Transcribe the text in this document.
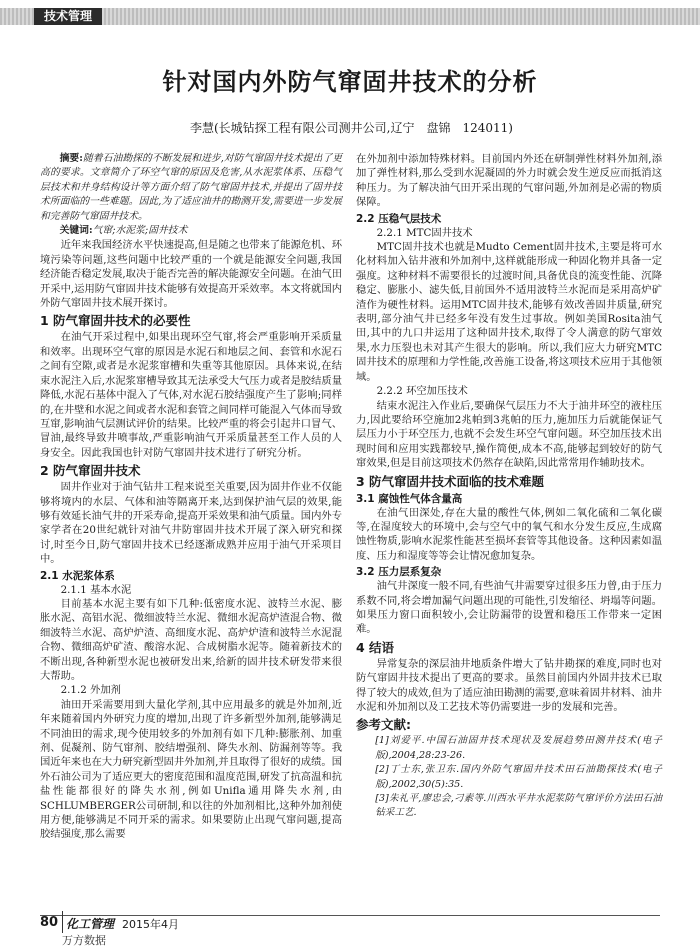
技术管理
针对国内外防气窜固井技术的分析
李慧(长城钻探工程有限公司测井公司,辽宁　盘锦　124011)

摘要:随着石油勘探的不断发展和进步,对防气窜固井技术提出了更高的要求。文章简介了环空气窜的原因及危害,从水泥浆体系、压稳气层技术和井身结构设计等方面介绍了防气窜固井技术,并提出了固井技术所面临的一些难题。因此,为了适应油井的勘测开发,需要进一步发展和完善防气窜固井技术。

关键词:气窜;水泥浆;固井技术

近年来我国经济水平快速提高,但是随之也带来了能源危机、环境污染等问题,这些问题中比较严重的一个就是能源安全问题,我国经济能否稳定发展,取决于能否完善的解决能源安全问题。在油气田开采中,运用防气窜固井技术能够有效提高开采效率。本文将就国内外防气窜固井技术展开探讨。

1 防气窜固井技术的必要性

在油气开采过程中,如果出现环空气窜,将会严重影响开采质量和效率。出现环空气窜的原因是水泥石和地层之间、套管和水泥石之间有空隙,或者是水泥浆窜槽和失重等其他原因。具体来说,在结束水泥注入后,水泥浆窜槽导致其无法承受大气压力或者是胶结质量降低,水泥石基体中混入了气体,对水泥石胶结强度产生了影响;同样的,在井壁和水泥之间或者水泥和套管之间同样可能混入气体而导致互窜,影响油气层测试评价的结果。比较严重的将会引起井口冒气、冒油,最终导致井喷事故,严重影响油气开采质量甚至工作人员的人身安全。因此我国也针对防气窜固井技术进行了研究分析。

2 防气窜固井技术

固井作业对于油气钻井工程来说至关重要,因为固井作业不仅能够将境内的水层、气体和油等隔离开来,达到保护油气层的效果,能够有效延长油气井的开采寿命,提高开采效果和油气质量。国内外专家学者在20世纪就针对油气井防窜固井技术开展了深入研究和探讨,时至今日,防气窜固井技术已经逐渐成熟并应用于油气开采项目中。

2.1 水泥浆体系
2.1.1 基本水泥

目前基本水泥主要有如下几种:低密度水泥、波特兰水泥、膨胀水泥、高铝水泥、微细波特兰水泥、微细水泥高炉渣混合物、微细波特兰水泥、高炉炉渣、高细度水泥、高炉炉渣和波特兰水泥混合物、微细高炉矿渣、酸溶水泥、合成树脂水泥等。随着新技术的不断出现,各种新型水泥也被研发出来,给新的固井技术研发带来很大帮助。

2.1.2 外加剂

油田开采需要用到大量化学剂,其中应用最多的就是外加剂,近年来随着国内外研究力度的增加,出现了许多新型外加剂,能够满足不同油田的需求,现今使用较多的外加剂有如下几种:膨胀剂、加重剂、促凝剂、防气窜剂、胶结增强剂、降失水剂、防漏剂等等。我国近年来也在大力研究新型固井外加剂,并且取得了很好的成绩。国外石油公司为了适应更大的密度范围和温度范围,研发了抗高温和抗盐性能都很好的降失水剂,例如Unifla通用降失水剂,由SCHLUMBERGER公司研制,和以往的外加剂相比,这种外加剂使用方便,能够满足不同开采的需求。如果要防止出现气窜问题,提高胶结强度,那么需要

在外加剂中添加特殊材料。目前国内外还在研制弹性材料外加剂,添加了弹性材料,那么受到水泥凝固的外力时就会发生逆反应而抵消这种压力。为了解决油气田开采出现的气窜问题,外加剂是必需的物质保障。

2.2 压稳气层技术
2.2.1 MTC固井技术

MTC固井技术也就是Mudto Cement固井技术,主要是将可水化材料加入钻井液和外加剂中,这样就能形成一种固化物并具备一定强度。这种材料不需要很长的过渡时间,具备优良的流变性能、沉降稳定、膨胀小、滤失低,目前国外不适用波特兰水泥而是采用高炉矿渣作为硬性材料。运用MTC固井技术,能够有效改善固井质量,研究表明,部分油气井已经多年没有发生过事故。例如美国Rosita油气田,其中的九口井运用了这种固井技术,取得了令人满意的防气窜效果,水力压裂也未对其产生很大的影响。所以,我们应大力研究MTC固井技术的原理和力学性能,改善施工设备,将这项技术应用于其他领域。

2.2.2 环空加压技术

结束水泥注入作业后,要确保气层压力不大于油井环空的液柱压力,因此要给环空施加2兆帕到3兆帕的压力,施加压力后就能保证气层压力小于环空压力,也就不会发生环空气窜问题。环空加压技术出现时间和应用实践都较早,操作简便,成本不高,能够起到较好的防气窜效果,但是目前这项技术仍然存在缺陷,因此常常用作辅助技术。

3 防气窜固井技术面临的技术难题
3.1 腐蚀性气体含量高

在油气田深处,存在大量的酸性气体,例如二氧化硫和二氧化碳等,在湿度较大的环境中,会与空气中的氧气和水分发生反应,生成腐蚀性物质,影响水泥浆性能甚至损坏套管等其他设备。这种因素如温度、压力和湿度等等会让情况愈加复杂。

3.2 压力层系复杂

油气井深度一般不同,有些油气井需要穿过很多压力曾,由于压力系数不同,将会增加漏气问题出现的可能性,引发缩径、坍塌等问题。如果压力窗口面积较小,会让防漏带的设置和稳压工作带来一定困难。

4 结语

异常复杂的深层油井地质条件增大了钻井勘探的难度,同时也对防气窜固井技术提出了更高的要求。虽然目前国内外固井技术已取得了较大的成效,但为了适应油田勘测的需要,意味着固井材料、油井水泥和外加剂以及工艺技术等仍需要进一步的发展和完善。

参考文献:

[1]刘爱平.中国石油固井技术现状及发展趋势田测井技术(电子版),2004,28:23-26.

[2]丁士东,张卫东.国内外防气窜固井技术田石油勘探技术(电子版),2002,30(5):35.

[3]朱礼平,廖忠会,刁素等.川西水平井水泥浆防气窜评价方法田石油钻采工艺.

80 化工管理 2015年4月
万方数据
